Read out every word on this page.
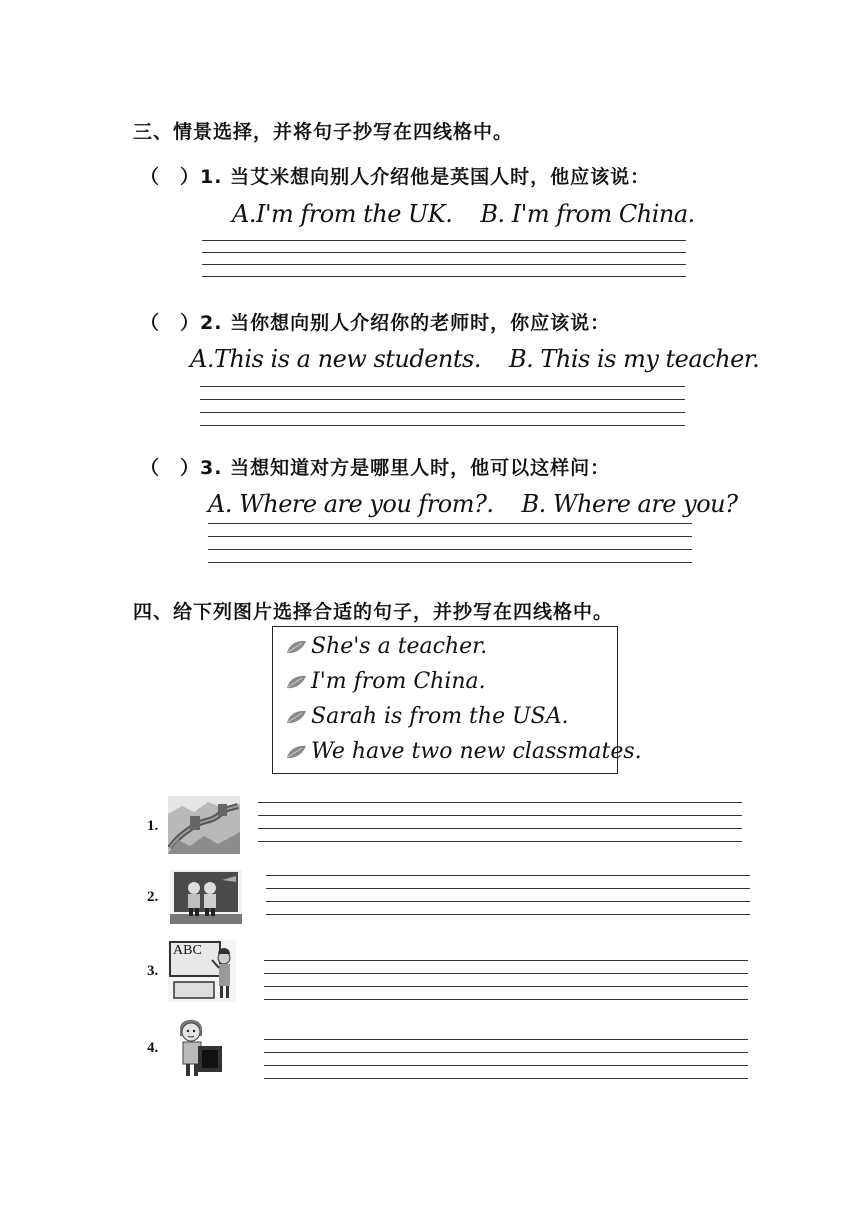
三、情景选择，并将句子抄写在四线格中。
（　）1. 当艾米想向别人介绍他是英国人时，他应该说：
A.I'm from the UK. B. I'm from China.
（　）2. 当你想向别人介绍你的老师时，你应该说：
A.This is a new students. B. This is my teacher.
（　）3. 当想知道对方是哪里人时，他可以这样问：
A. Where are you from?. B. Where are you?
四、给下列图片选择合适的句子，并抄写在四线格中。
She's a teacher.
I'm from China.
Sarah is from the USA.
We have two new classmates.
1.
2.
3.
ABC
4.
